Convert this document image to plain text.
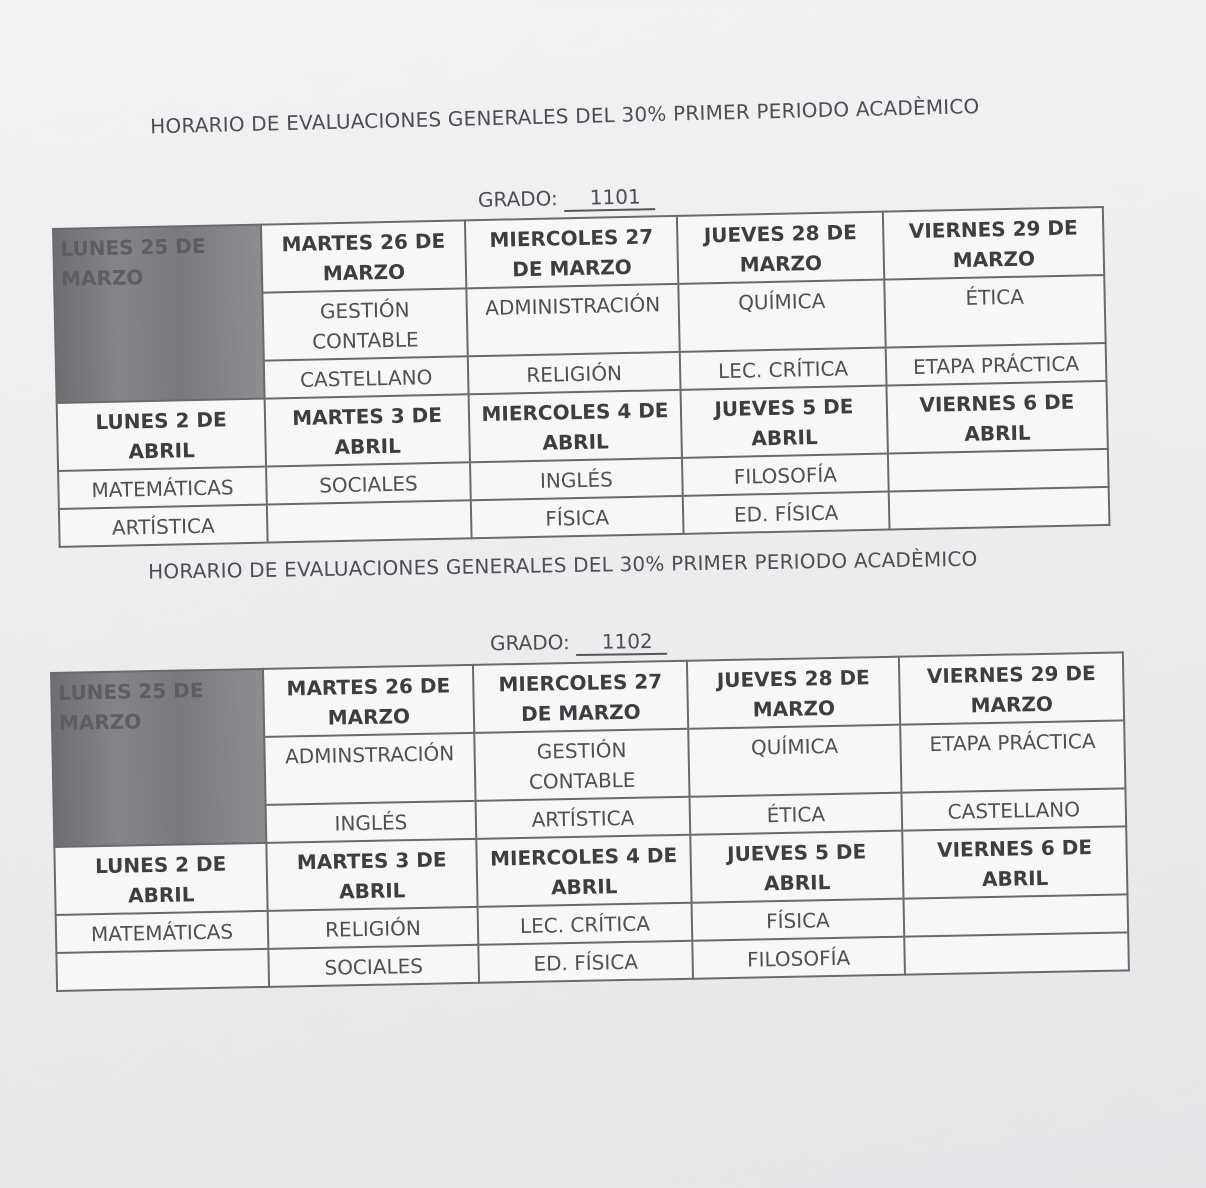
HORARIO DE EVALUACIONES GENERALES DEL 30% PRIMER PERIODO ACADÈMICO
GRADO: 1101
LUNES 25 DE MARZO	MARTES 26 DE MARZO	MIERCOLES 27 DE MARZO	JUEVES 28 DE MARZO	VIERNES 29 DE MARZO
	GESTIÓN CONTABLE	ADMINISTRACIÓN	QUÍMICA	ÉTICA
	CASTELLANO	RELIGIÓN	LEC. CRÍTICA	ETAPA PRÁCTICA
LUNES 2 DE ABRIL	MARTES 3 DE ABRIL	MIERCOLES 4 DE ABRIL	JUEVES 5 DE ABRIL	VIERNES 6 DE ABRIL
MATEMÁTICAS	SOCIALES	INGLÉS	FILOSOFÍA	
ARTÍSTICA		FÍSICA	ED. FÍSICA	
HORARIO DE EVALUACIONES GENERALES DEL 30% PRIMER PERIODO ACADÈMICO
GRADO: 1102
LUNES 25 DE MARZO	MARTES 26 DE MARZO	MIERCOLES 27 DE MARZO	JUEVES 28 DE MARZO	VIERNES 29 DE MARZO
	ADMINSTRACIÓN	GESTIÓN CONTABLE	QUÍMICA	ETAPA PRÁCTICA
	INGLÉS	ARTÍSTICA	ÉTICA	CASTELLANO
LUNES 2 DE ABRIL	MARTES 3 DE ABRIL	MIERCOLES 4 DE ABRIL	JUEVES 5 DE ABRIL	VIERNES 6 DE ABRIL
MATEMÁTICAS	RELIGIÓN	LEC. CRÍTICA	FÍSICA	
	SOCIALES	ED. FÍSICA	FILOSOFÍA	
